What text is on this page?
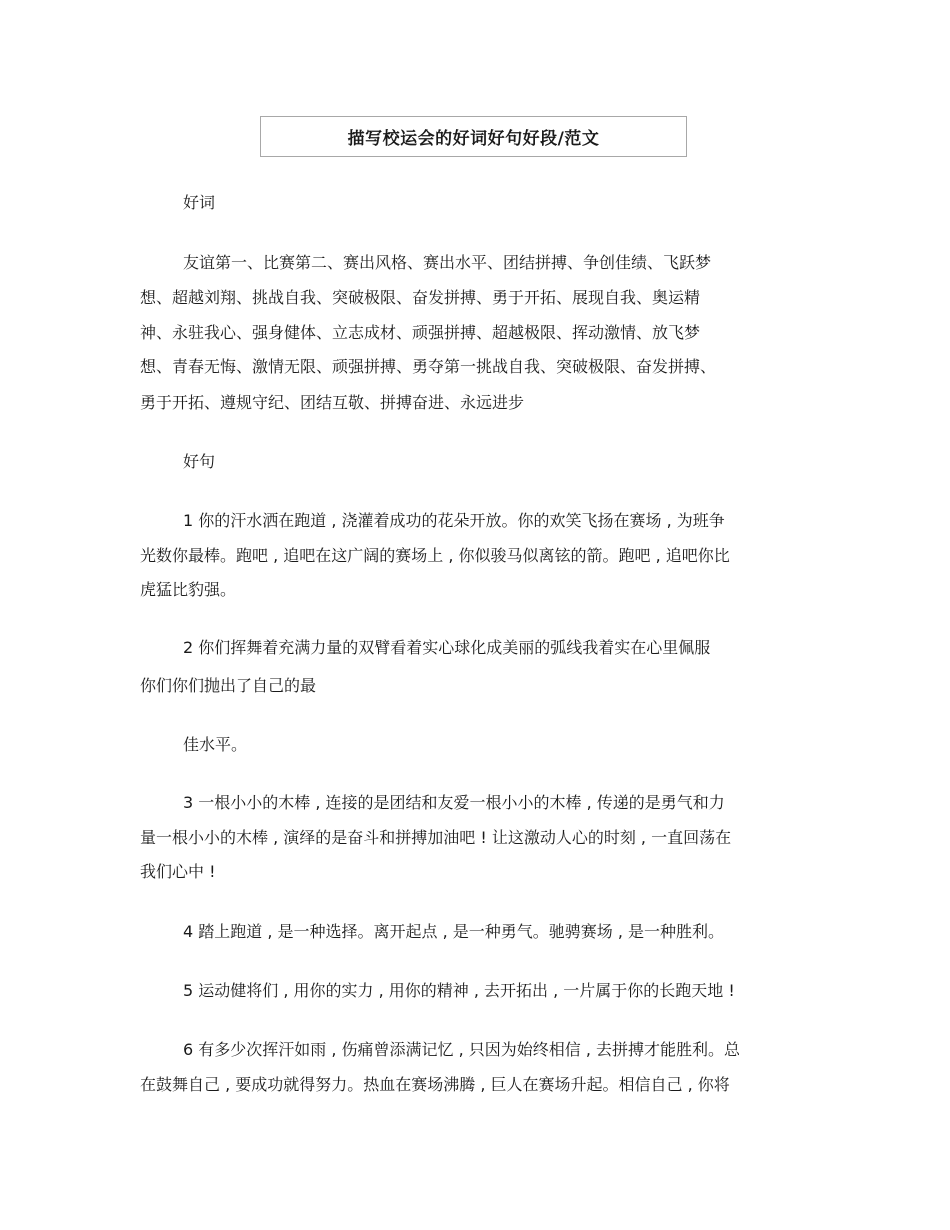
描写校运会的好词好句好段/范文
好词
友谊第一、比赛第二、赛出风格、赛出水平、团结拼搏、争创佳绩、飞跃梦
想、超越刘翔、挑战自我、突破极限、奋发拼搏、勇于开拓、展现自我、奥运精
神、永驻我心、强身健体、立志成材、顽强拼搏、超越极限、挥动激情、放飞梦
想、青春无悔、激情无限、顽强拼搏、勇夺第一挑战自我、突破极限、奋发拼搏、
勇于开拓、遵规守纪、团结互敬、拼搏奋进、永远进步
好句
1 你的汗水洒在跑道 , 浇灌着成功的花朵开放。你的欢笑飞扬在赛场 , 为班争
光数你最棒。跑吧 , 追吧在这广阔的赛场上 , 你似骏马似离铉的箭。跑吧 , 追吧你比
虎猛比豹强。
2 你们挥舞着充满力量的双臂看着实心球化成美丽的弧线我着实在心里佩服
你们你们抛出了自己的最
佳水平。
3 一根小小的木棒 , 连接的是团结和友爱一根小小的木棒 , 传递的是勇气和力
量一根小小的木棒 , 演绎的是奋斗和拼搏加油吧 ! 让这激动人心的时刻 , 一直回荡在
我们心中 !
4 踏上跑道 , 是一种选择。离开起点 , 是一种勇气。驰骋赛场 , 是一种胜利。
5 运动健将们 , 用你的实力 , 用你的精神 , 去开拓出 , 一片属于你的长跑天地 !
6 有多少次挥汗如雨 , 伤痛曾添满记忆 , 只因为始终相信 , 去拼搏才能胜利。总
在鼓舞自己 , 要成功就得努力。热血在赛场沸腾 , 巨人在赛场升起。相信自己 , 你将
